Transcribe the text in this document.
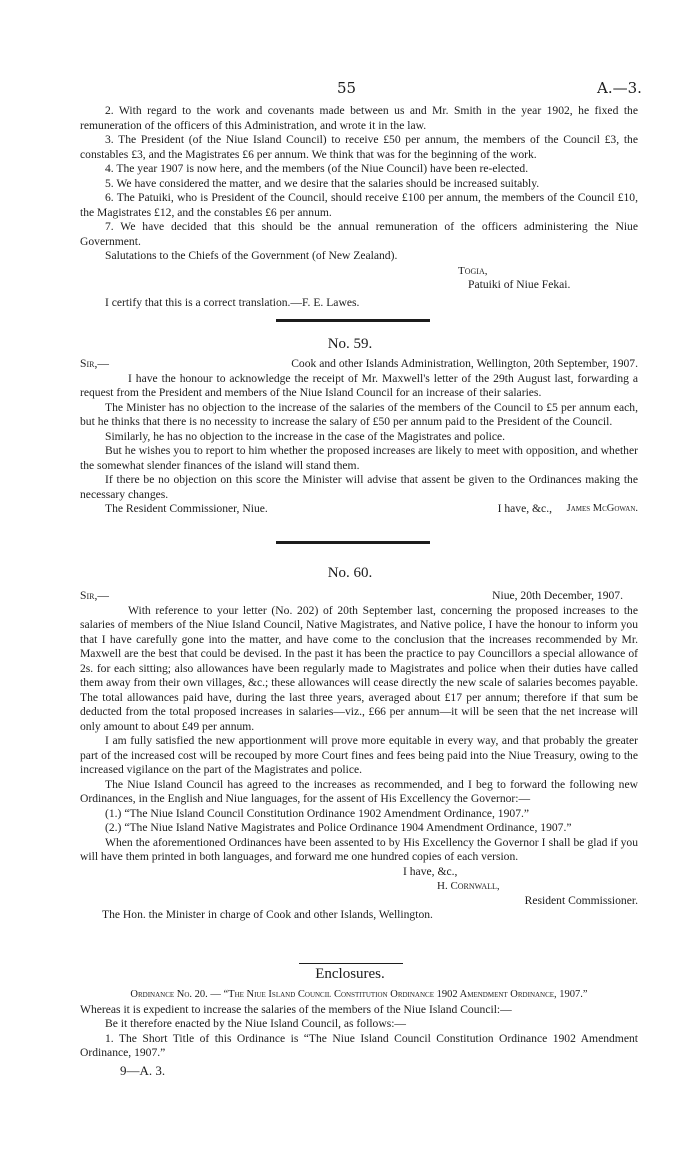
55	A.—3.

2. With regard to the work and covenants made between us and Mr. Smith in the year 1902, he fixed the remuneration of the officers of this Administration, and wrote it in the law.

3. The President (of the Niue Island Council) to receive £50 per annum, the members of the Council £3, the constables £3, and the Magistrates £6 per annum. We think that was for the beginning of the work.

4. The year 1907 is now here, and the members (of the Niue Council) have been re-elected.

5. We have considered the matter, and we desire that the salaries should be increased suitably.

6. The Patuiki, who is President of the Council, should receive £100 per annum, the members of the Council £10, the Magistrates £12, and the constables £6 per annum.

7. We have decided that this should be the annual remuneration of the officers administering the Niue Government.

Salutations to the Chiefs of the Government (of New Zealand).

Togia,

Patuiki of Niue Fekai.

I certify that this is a correct translation.—F. E. Lawes.

No. 59.
Sir,—	Cook and other Islands Administration, Wellington, 20th September, 1907.

I have the honour to acknowledge the receipt of Mr. Maxwell's letter of the 29th August last, forwarding a request from the President and members of the Niue Island Council for an increase of their salaries.

The Minister has no objection to the increase of the salaries of the members of the Council to £5 per annum each, but he thinks that there is no necessity to increase the salary of £50 per annum paid to the President of the Council.

Similarly, he has no objection to the increase in the case of the Magistrates and police.

But he wishes you to report to him whether the proposed increases are likely to meet with opposition, and whether the somewhat slender finances of the island will stand them.

If there be no objection on this score the Minister will advise that assent be given to the Ordinances making the necessary changes.

The Resident Commissioner, Niue.	I have, &c.,	James McGowan.

No. 60.
Sir,—	Niue, 20th December, 1907.

With reference to your letter (No. 202) of 20th September last, concerning the proposed increases to the salaries of members of the Niue Island Council, Native Magistrates, and Native police, I have the honour to inform you that I have carefully gone into the matter, and have come to the conclusion that the increases recommended by Mr. Maxwell are the best that could be devised. In the past it has been the practice to pay Councillors a special allowance of 2s. for each sitting; also allowances have been regularly made to Magistrates and police when their duties have called them away from their own villages, &c.; these allowances will cease directly the new scale of salaries becomes payable. The total allowances paid have, during the last three years, averaged about £17 per annum; therefore if that sum be deducted from the total proposed increases in salaries—viz., £66 per annum—it will be seen that the net increase will only amount to about £49 per annum.

I am fully satisfied the new apportionment will prove more equitable in every way, and that probably the greater part of the increased cost will be recouped by more Court fines and fees being paid into the Niue Treasury, owing to the increased vigilance on the part of the Magistrates and police.

The Niue Island Council has agreed to the increases as recommended, and I beg to forward the following new Ordinances, in the English and Niue languages, for the assent of His Excellency the Governor:—

(1.) “The Niue Island Council Constitution Ordinance 1902 Amendment Ordinance, 1907.”

(2.) “The Niue Island Native Magistrates and Police Ordinance 1904 Amendment Ordinance, 1907.”

When the aforementioned Ordinances have been assented to by His Excellency the Governor I shall be glad if you will have them printed in both languages, and forward me one hundred copies of each version.

I have, &c.,

H. Cornwall,

Resident Commissioner.

The Hon. the Minister in charge of Cook and other Islands, Wellington.

Enclosures.

Ordinance No. 20. — “The Niue Island Council Constitution Ordinance 1902 Amendment Ordinance, 1907.”

Whereas it is expedient to increase the salaries of the members of the Niue Island Council:—

Be it therefore enacted by the Niue Island Council, as follows:—

1. The Short Title of this Ordinance is “The Niue Island Council Constitution Ordinance 1902 Amendment Ordinance, 1907.”

9—A. 3.
